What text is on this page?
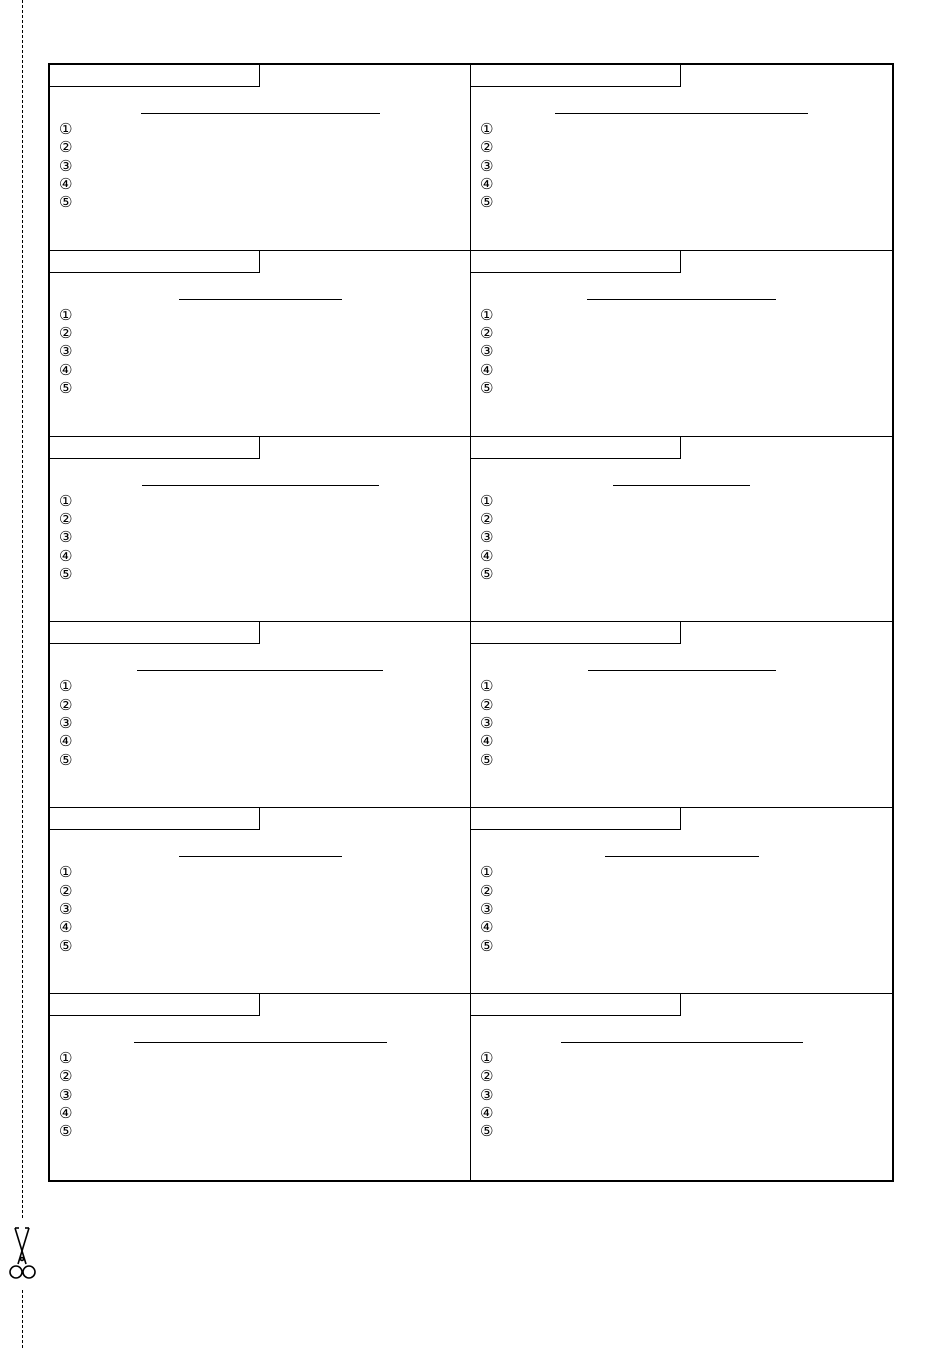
①
②
③
④
⑤
①
②
③
④
⑤
①
②
③
④
⑤
①
②
③
④
⑤
①
②
③
④
⑤
①
②
③
④
⑤
①
②
③
④
⑤
①
②
③
④
⑤
①
②
③
④
⑤
①
②
③
④
⑤
①
②
③
④
⑤
①
②
③
④
⑤
